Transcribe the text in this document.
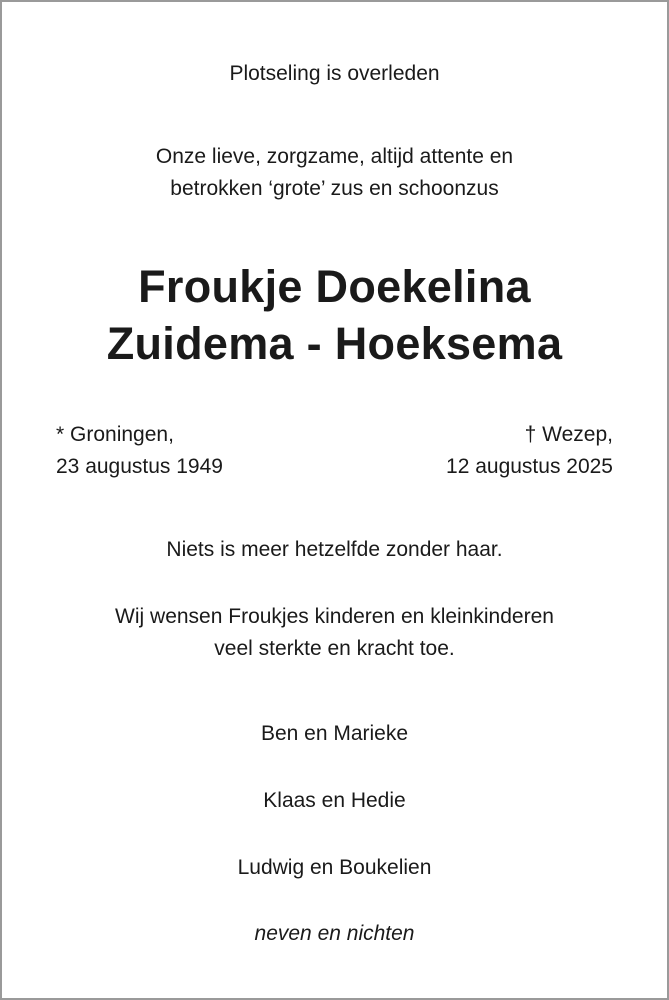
Plotseling is overleden
Onze lieve, zorgzame, altijd attente en
betrokken ‘grote’ zus en schoonzus
Froukje Doekelina
Zuidema - Hoeksema
* Groningen,
23 augustus 1949
† Wezep,
12 augustus 2025
Niets is meer hetzelfde zonder haar.
Wij wensen Froukjes kinderen en kleinkinderen
veel sterkte en kracht toe.
Ben en Marieke
Klaas en Hedie
Ludwig en Boukelien
neven en nichten
